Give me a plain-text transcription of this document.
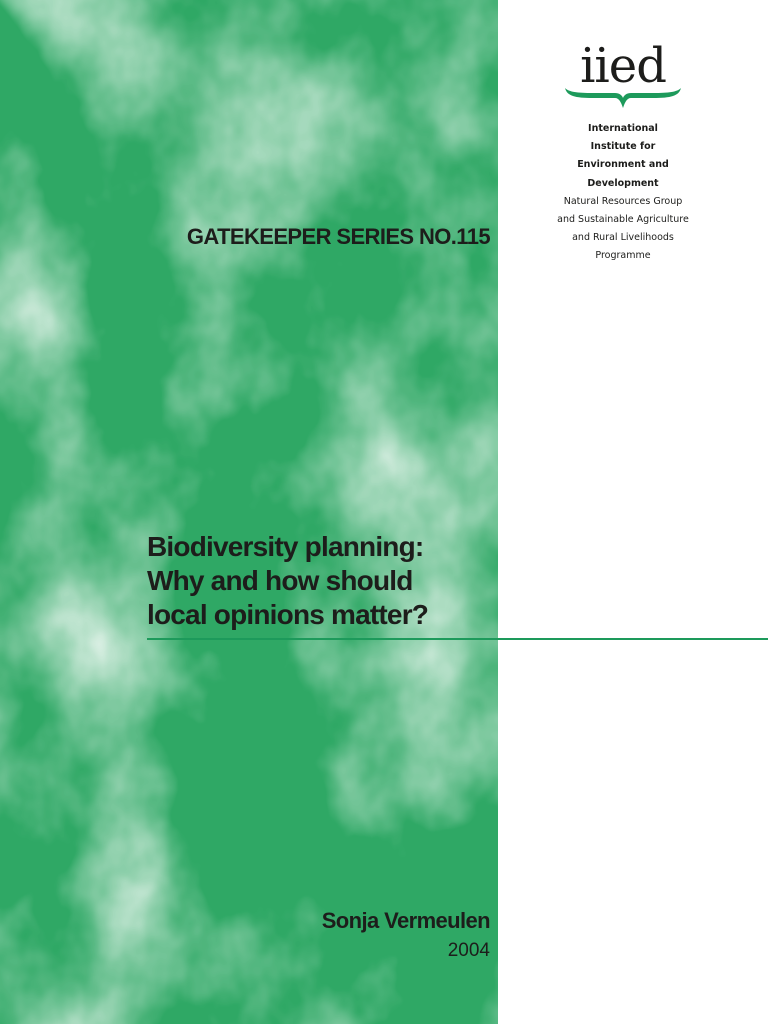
iied
International
Institute for
Environment and
Development
Natural Resources Group
and Sustainable Agriculture
and Rural Livelihoods
Programme
GATEKEEPER SERIES NO.115
Biodiversity planning:
Why and how should
local opinions matter?
Sonja Vermeulen
2004
